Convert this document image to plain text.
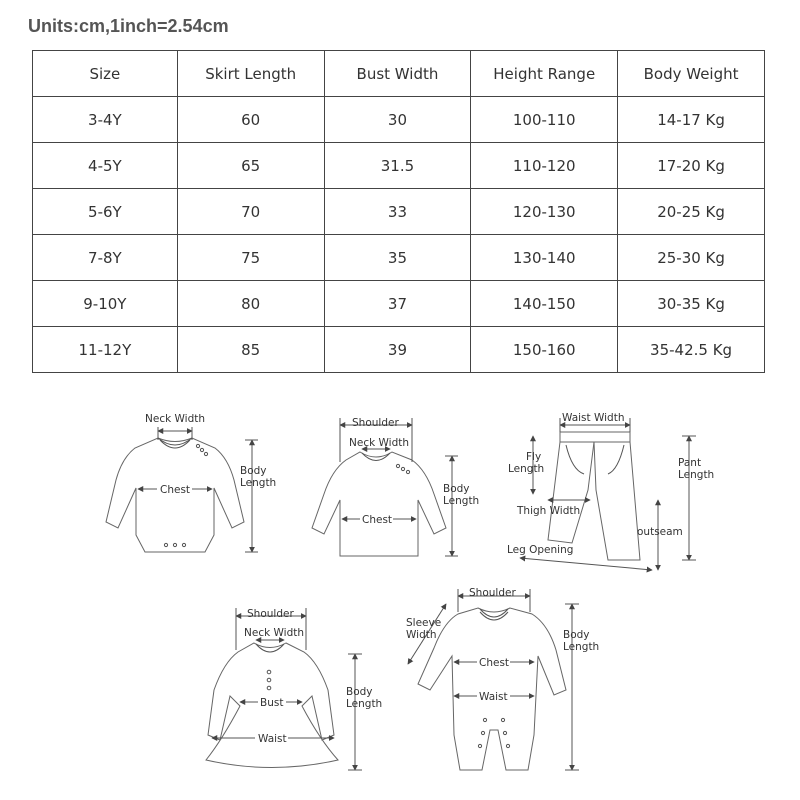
Units:cm,1inch=2.54cm
Size	Skirt Length	Bust Width	Height Range	Body Weight
3-4Y	60	30	100-110	14-17 Kg
4-5Y	65	31.5	110-120	17-20 Kg
5-6Y	70	33	120-130	20-25 Kg
7-8Y	75	35	130-140	25-30 Kg
9-10Y	80	37	140-150	30-35 Kg
11-12Y	85	39	150-160	35-42.5 Kg
Neck Width
Chest
Body
Length
Shoulder
Neck Width
Chest
Body
Length
Waist Width
Fly
Length	Pant
Length
Thigh Width
outseam
Leg Opening
Shoulder
Neck Width
Bust
Waist
Body
Length
Shoulder
Sleeve
Width
Chest
Waist
Body
Length
